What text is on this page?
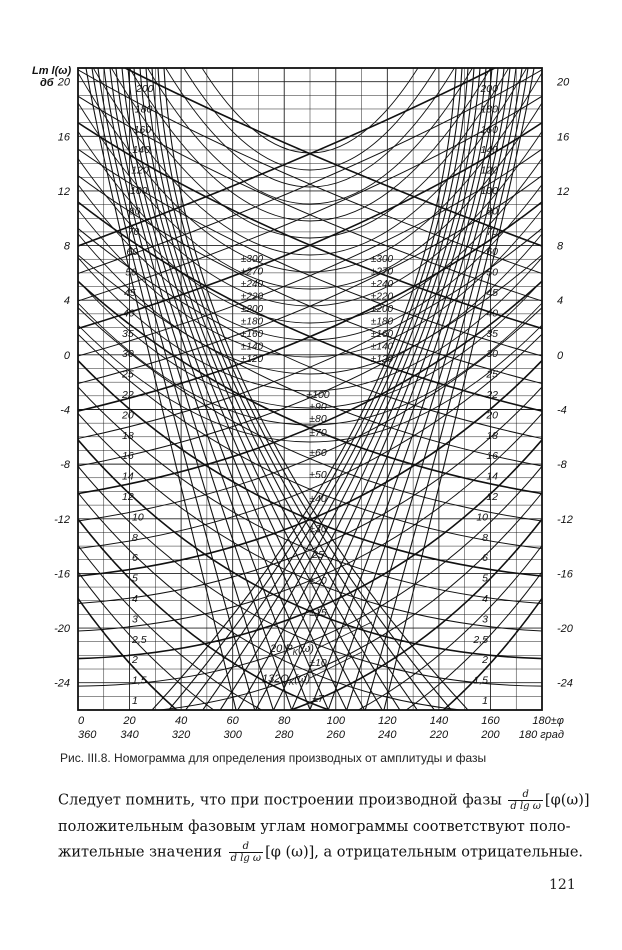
20	20
16	16
12	12
8	8
4	4
0	0
-4	-4
-8	-8
-12	-12
-16	-16
-20	-20
-24	-24
0
360
20
340
40
320
60
300
80
280
100
260
120
240
140
220
160
200
180±φ
180 град
200
180
160
140
120
100
80
70
60
50
45
40
35
30
25
22
20
18
16
14
12
10
8
6
5
4
3
2,5
2
1,5
1
200
180
160
140
120
100
80
70
60
50
45
40
35
30
25
22
20
18
16
14
12
10
8
6
5
4
3
2,5
2
1,5
1
±300
±270
±240
±220
±200
±180
±160
±140
±120
±300
±270
±240
±220
±200
±180
±160
±140
±120
±100
±90
±80
±70
±60
±50
±40
±30
25
±20
±15
±10
±7
Lm l(ω)
дб
20 $P_K(\omega)$
$132Q_K(\omega)$
Рис. III.8. Номограмма для определения производных от амплитуды и фазы
Следует помнить, что при построении производной фазы $\frac{d}{\text{d lg ω}} [\varphi(\omega)]$
положительным фазовым углам номограммы соответствуют поло-
жительные значения $\frac{d}{\text{d lg ω}} [\varphi$ (ω)], а отрицательным отрицательные.
121
